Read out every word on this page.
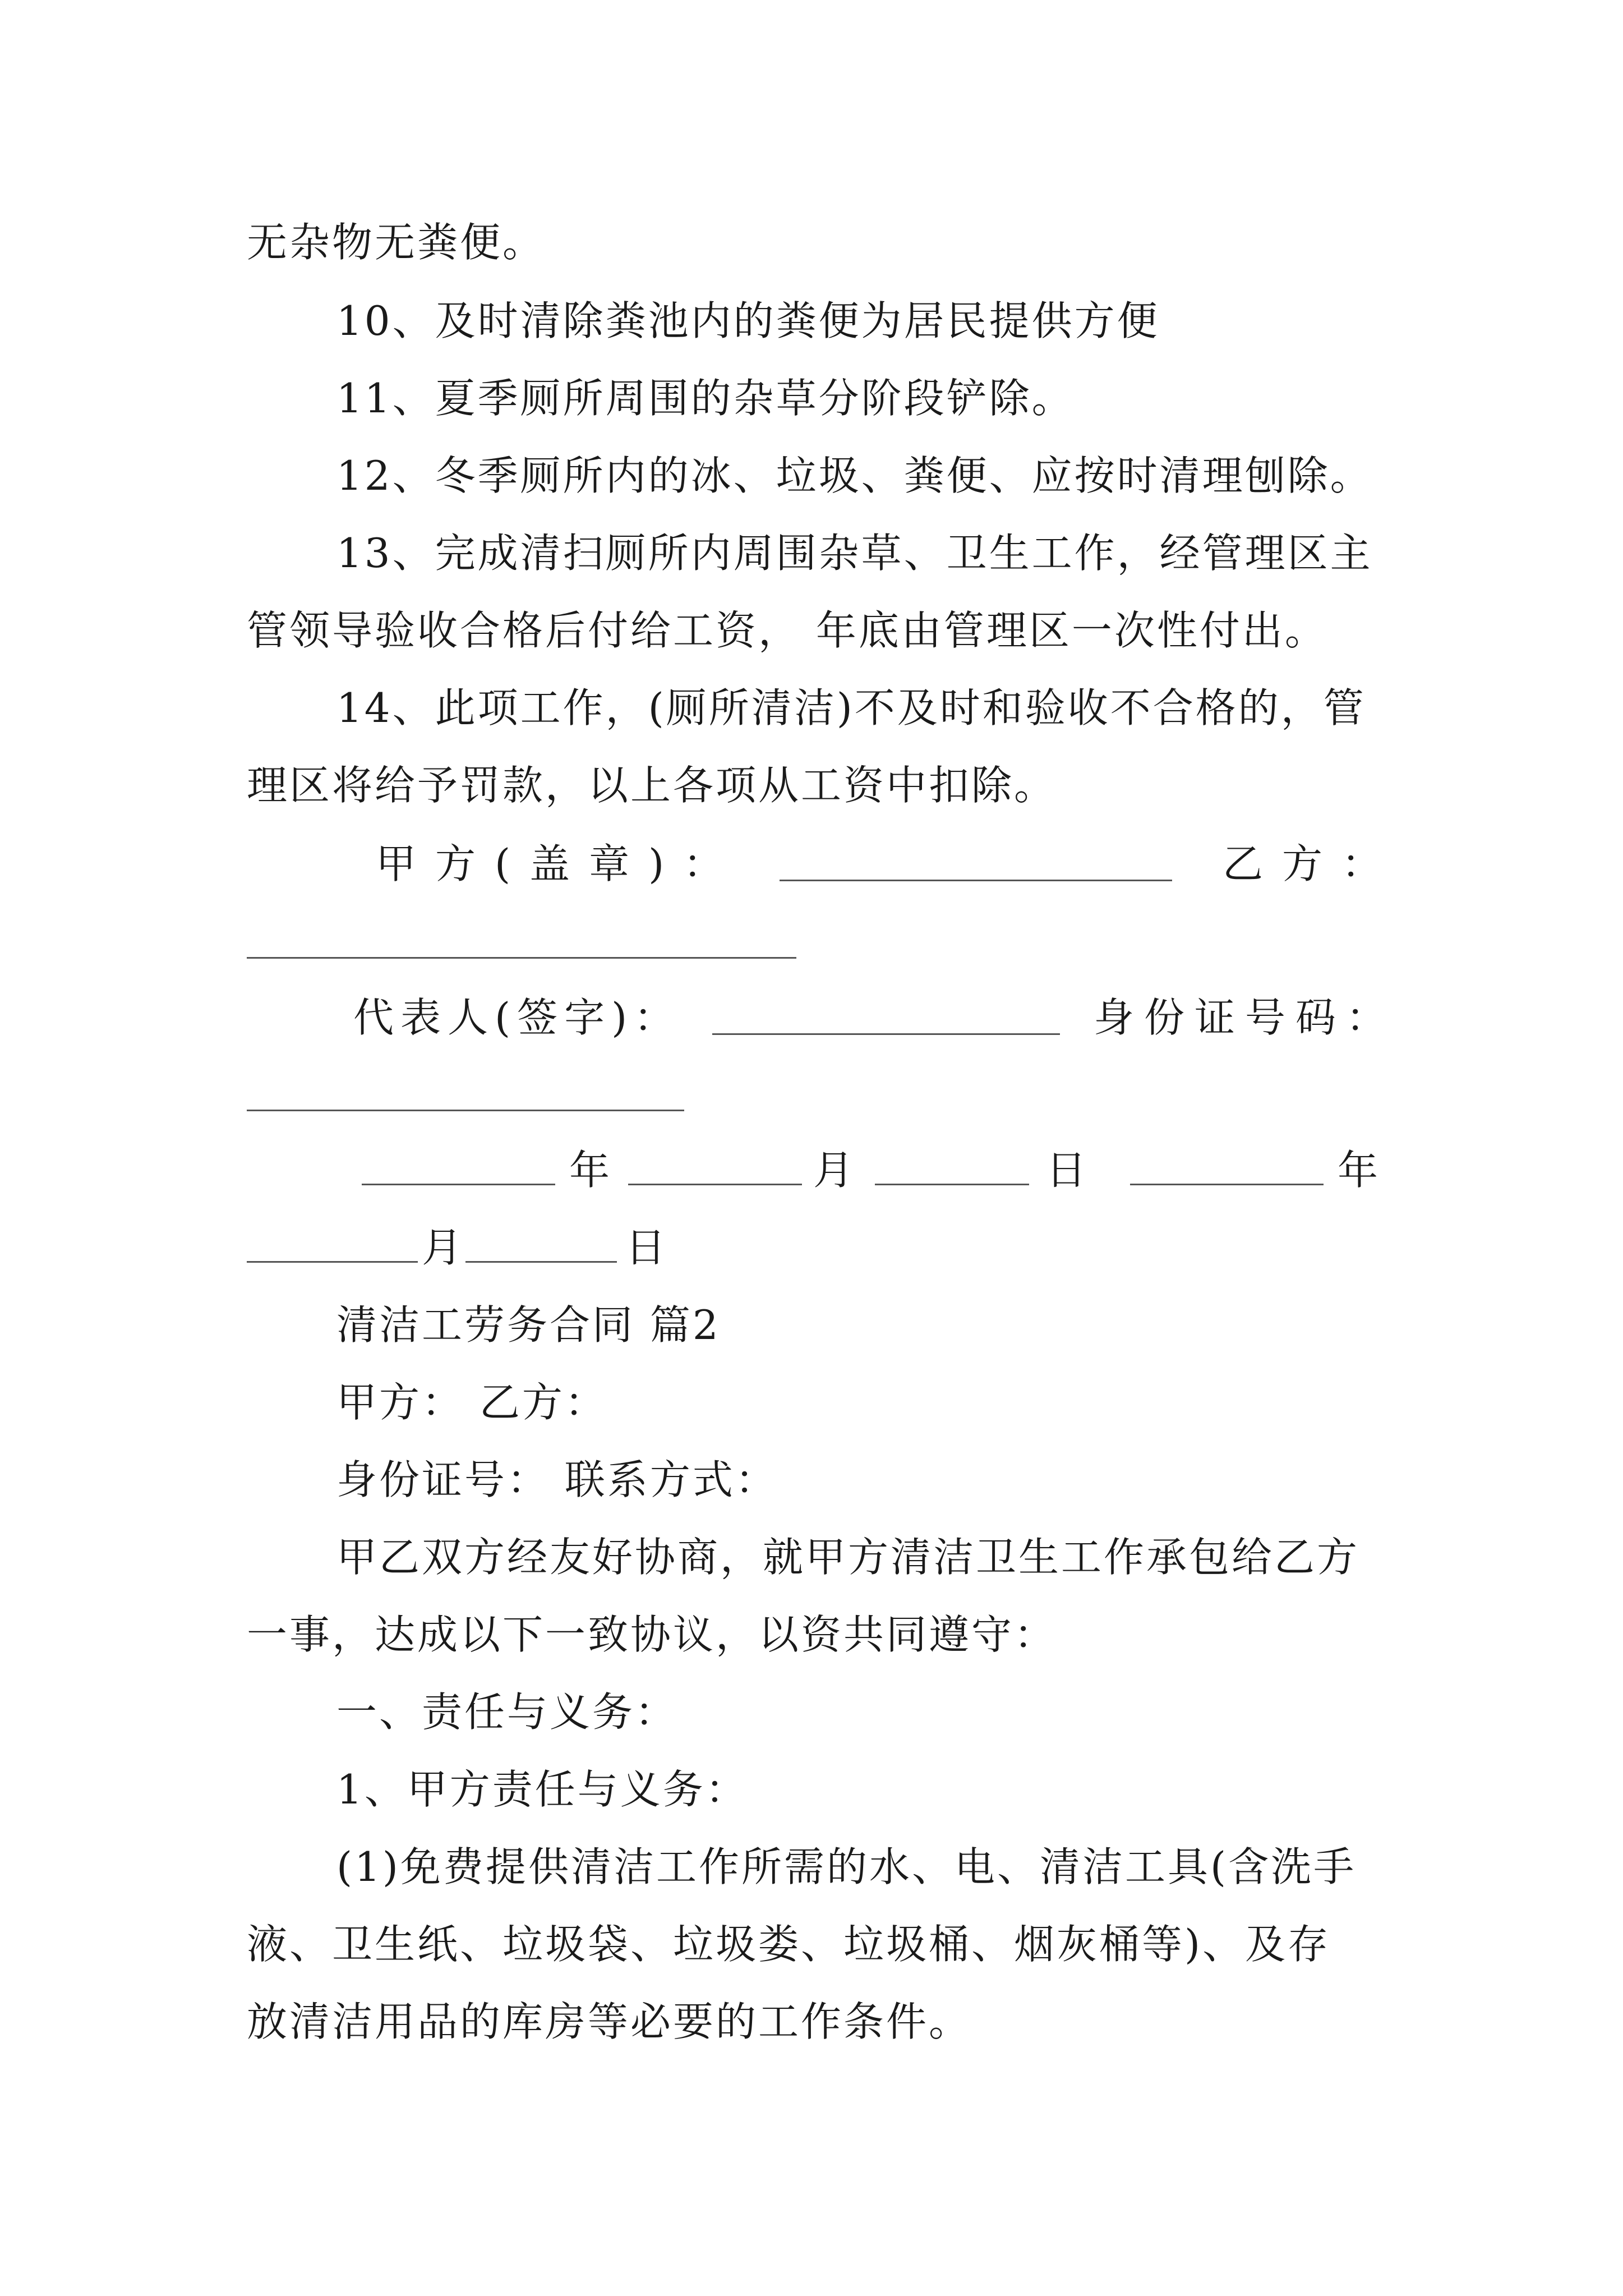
无杂物无粪便。
10、及时清除粪池内的粪便为居民提供方便
11、夏季厕所周围的杂草分阶段铲除。
12、冬季厕所内的冰、垃圾、粪便、应按时清理刨除。
13、完成清扫厕所内周围杂草、卫生工作，经管理区主
管领导验收合格后付给工资， 年底由管理区一次性付出。
14、此项工作，(厕所清洁)不及时和验收不合格的，管
理区将给予罚款，以上各项从工资中扣除。
甲方(盖章)：	乙方：
代表人(签字)：	身份证号码：
年	月	日	年
月	日
清洁工劳务合同 篇2
甲方： 乙方：
身份证号： 联系方式：
甲乙双方经友好协商，就甲方清洁卫生工作承包给乙方
一事，达成以下一致协议，以资共同遵守：
一、责任与义务：
1、甲方责任与义务：
(1)免费提供清洁工作所需的水、电、清洁工具(含洗手
液、卫生纸、垃圾袋、垃圾娄、垃圾桶、烟灰桶等)、及存
放清洁用品的库房等必要的工作条件。
